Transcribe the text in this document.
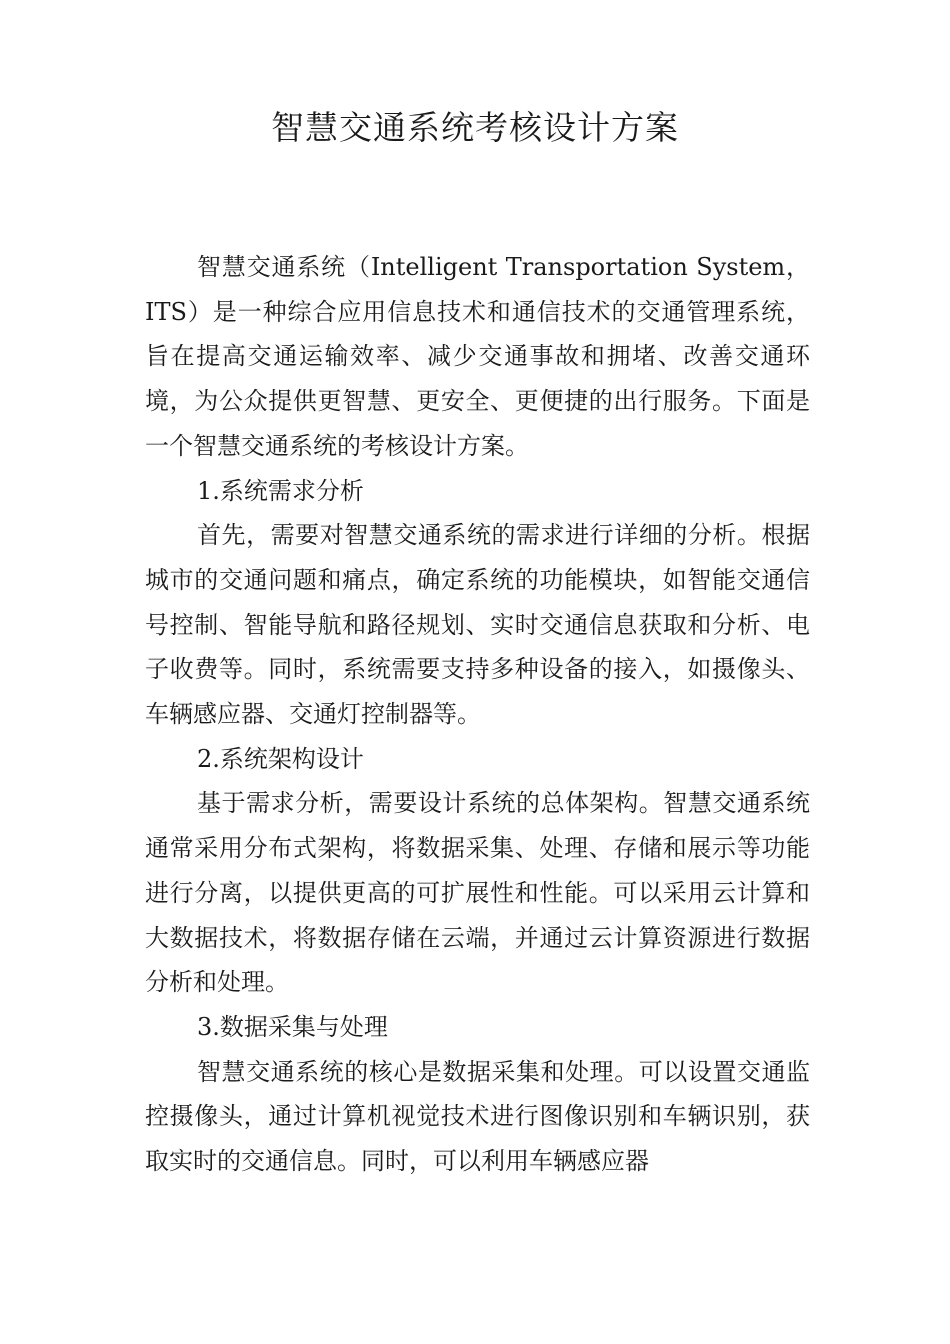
智慧交通系统考核设计方案

智慧交通系统（Intelligent Transportation System，ITS）是一种综合应用信息技术和通信技术的交通管理系统，旨在提高交通运输效率、减少交通事故和拥堵、改善交通环境，为公众提供更智慧、更安全、更便捷的出行服务。下面是一个智慧交通系统的考核设计方案。

1.系统需求分析

首先，需要对智慧交通系统的需求进行详细的分析。根据城市的交通问题和痛点，确定系统的功能模块，如智能交通信号控制、智能导航和路径规划、实时交通信息获取和分析、电子收费等。同时，系统需要支持多种设备的接入，如摄像头、车辆感应器、交通灯控制器等。

2.系统架构设计

基于需求分析，需要设计系统的总体架构。智慧交通系统通常采用分布式架构，将数据采集、处理、存储和展示等功能进行分离，以提供更高的可扩展性和性能。可以采用云计算和大数据技术，将数据存储在云端，并通过云计算资源进行数据分析和处理。

3.数据采集与处理

智慧交通系统的核心是数据采集和处理。可以设置交通监控摄像头，通过计算机视觉技术进行图像识别和车辆识别，获取实时的交通信息。同时，可以利用车辆感应器
